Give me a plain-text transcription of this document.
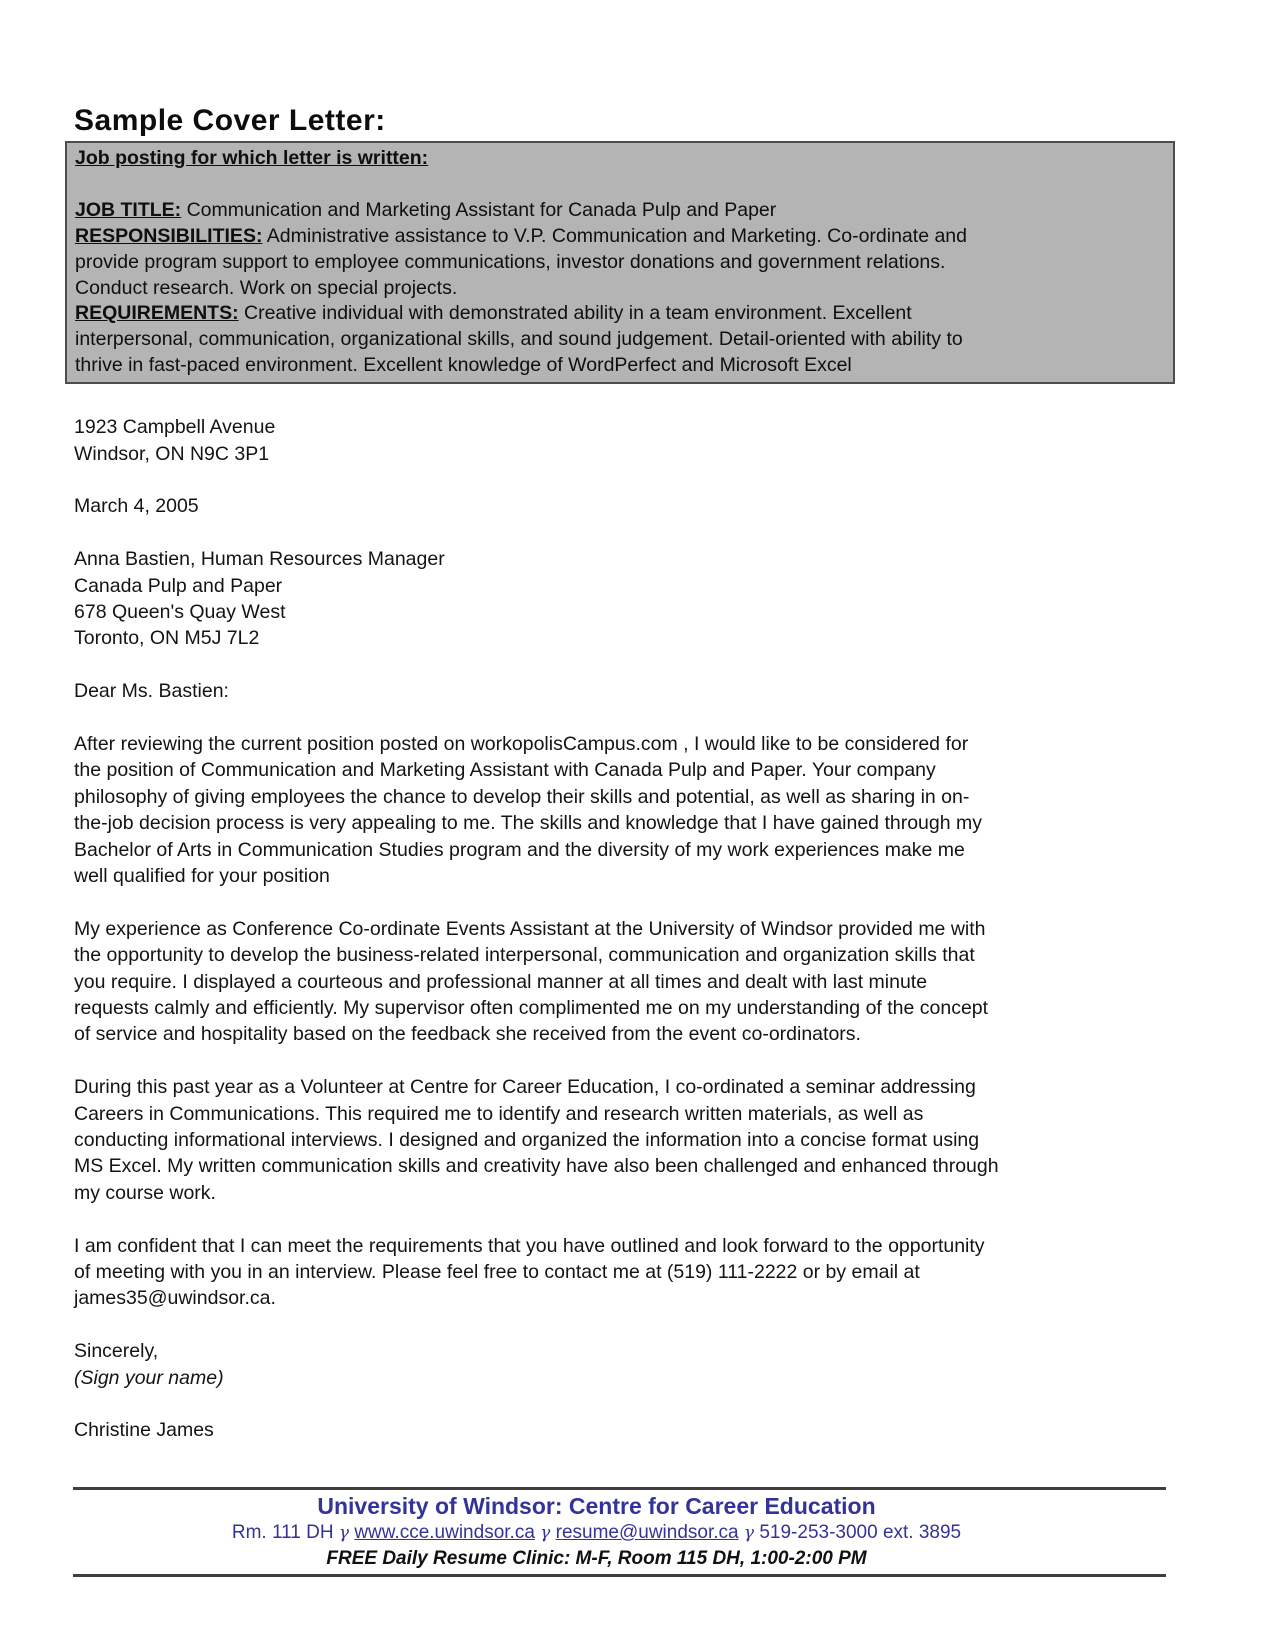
Sample Cover Letter:
Job posting for which letter is written:
JOB TITLE: Communication and Marketing Assistant for Canada Pulp and Paper
RESPONSIBILITIES: Administrative assistance to V.P. Communication and Marketing. Co-ordinate and
provide program support to employee communications, investor donations and government relations.
Conduct research. Work on special projects.
REQUIREMENTS: Creative individual with demonstrated ability in a team environment. Excellent
interpersonal, communication, organizational skills, and sound judgement. Detail-oriented with ability to
thrive in fast-paced environment. Excellent knowledge of WordPerfect and Microsoft Excel
1923 Campbell Avenue
Windsor, ON N9C 3P1
March 4, 2005
Anna Bastien, Human Resources Manager
Canada Pulp and Paper
678 Queen's Quay West
Toronto, ON M5J 7L2
Dear Ms. Bastien:
After reviewing the current position posted on workopolisCampus.com , I would like to be considered for
the position of Communication and Marketing Assistant with Canada Pulp and Paper. Your company
philosophy of giving employees the chance to develop their skills and potential, as well as sharing in on-
the-job decision process is very appealing to me. The skills and knowledge that I have gained through my
Bachelor of Arts in Communication Studies program and the diversity of my work experiences make me
well qualified for your position
My experience as Conference Co-ordinate Events Assistant at the University of Windsor provided me with
the opportunity to develop the business-related interpersonal, communication and organization skills that
you require. I displayed a courteous and professional manner at all times and dealt with last minute
requests calmly and efficiently. My supervisor often complimented me on my understanding of the concept
of service and hospitality based on the feedback she received from the event co-ordinators.
During this past year as a Volunteer at Centre for Career Education, I co-ordinated a seminar addressing
Careers in Communications. This required me to identify and research written materials, as well as
conducting informational interviews. I designed and organized the information into a concise format using
MS Excel. My written communication skills and creativity have also been challenged and enhanced through
my course work.
I am confident that I can meet the requirements that you have outlined and look forward to the opportunity
of meeting with you in an interview. Please feel free to contact me at (519) 111-2222 or by email at
james35@uwindsor.ca.
Sincerely,
(Sign your name)
Christine James
University of Windsor: Centre for Career Education
Rm. 111 DH γ www.cce.uwindsor.ca γ resume@uwindsor.ca γ 519-253-3000 ext. 3895
FREE Daily Resume Clinic: M-F, Room 115 DH, 1:00-2:00 PM
